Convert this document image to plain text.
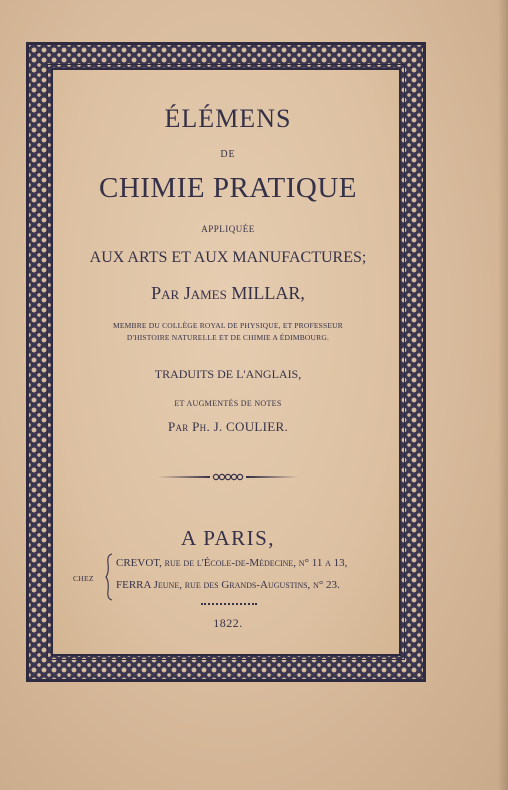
ÉLÉMENS
DE
CHIMIE PRATIQUE
APPLIQUÉE
AUX ARTS ET AUX MANUFACTURES;
Par James MILLAR,
MEMBRE DU COLLÈGE ROYAL DE PHYSIQUE, ET PROFESSEUR
D'HISTOIRE NATURELLE ET DE CHIMIE A ÉDIMBOURG.
TRADUITS DE L'ANGLAIS,
ET AUGMENTÉS DE NOTES
Par Ph. J. COULIER.
A PARIS,
CHEZ
CREVOT, rue de l'École-de-Médecine, n° 11 a 13,
FERRA Jeune, rue des Grands-Augustins, n° 23.
1822.
